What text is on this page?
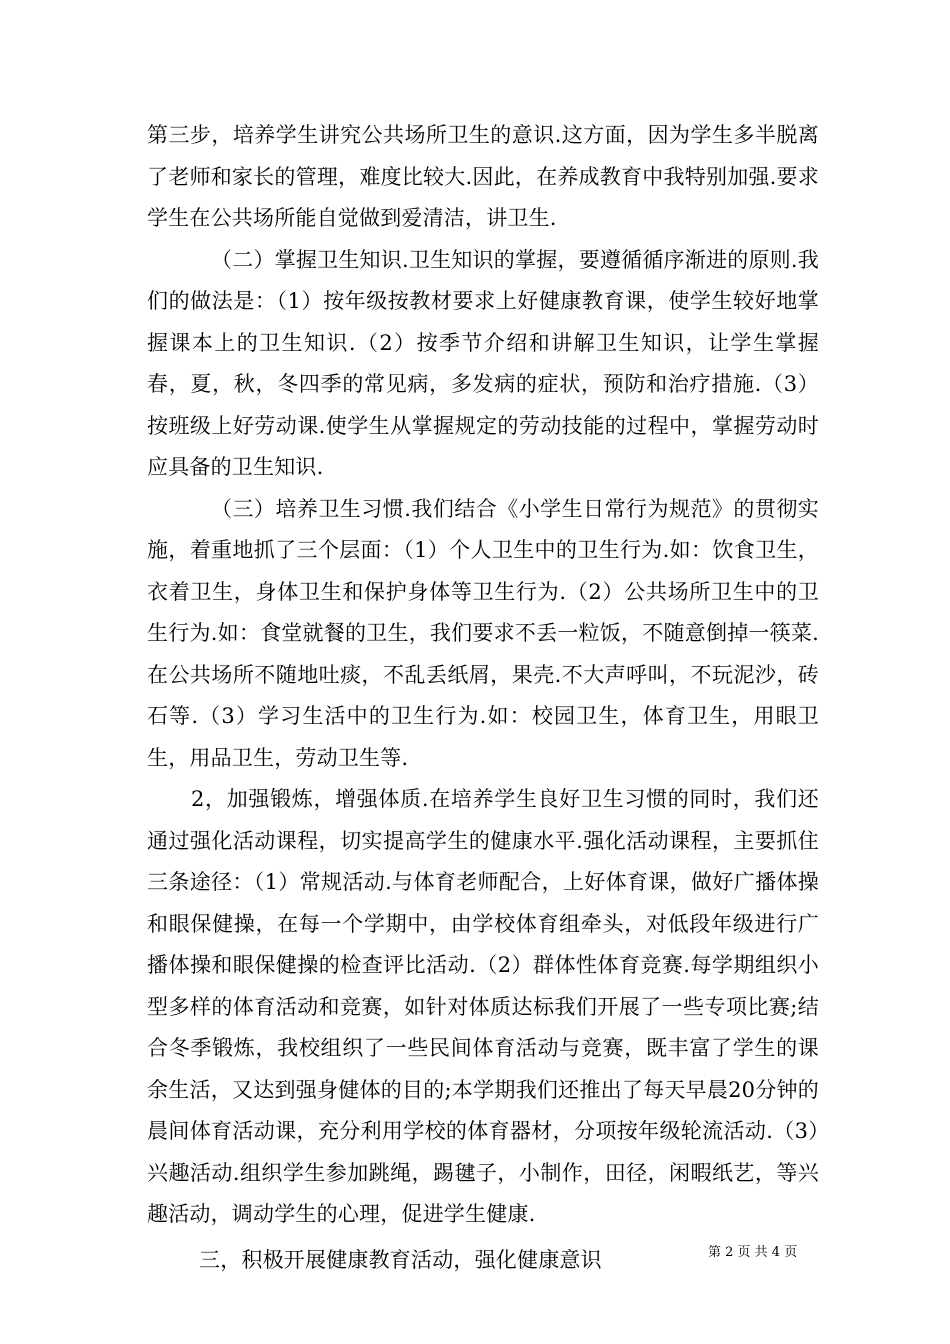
第三步，培养学生讲究公共场所卫生的意识.这方面，因为学生多半脱离了老师和家长的管理，难度比较大.因此，在养成教育中我特别加强.要求学生在公共场所能自觉做到爱清洁，讲卫生.

（二）掌握卫生知识.卫生知识的掌握，要遵循循序渐进的原则.我们的做法是：（1）按年级按教材要求上好健康教育课，使学生较好地掌握课本上的卫生知识.（2）按季节介绍和讲解卫生知识，让学生掌握春，夏，秋，冬四季的常见病，多发病的症状，预防和治疗措施.（3）按班级上好劳动课.使学生从掌握规定的劳动技能的过程中，掌握劳动时应具备的卫生知识.

（三）培养卫生习惯.我们结合《小学生日常行为规范》的贯彻实施，着重地抓了三个层面：（1）个人卫生中的卫生行为.如：饮食卫生，衣着卫生，身体卫生和保护身体等卫生行为.（2）公共场所卫生中的卫生行为.如：食堂就餐的卫生，我们要求不丢一粒饭，不随意倒掉一筷菜.在公共场所不随地吐痰，不乱丢纸屑，果壳.不大声呼叫，不玩泥沙，砖石等.（3）学习生活中的卫生行为.如：校园卫生，体育卫生，用眼卫生，用品卫生，劳动卫生等.

2，加强锻炼，增强体质.在培养学生良好卫生习惯的同时，我们还通过强化活动课程，切实提高学生的健康水平.强化活动课程，主要抓住三条途径：（1）常规活动.与体育老师配合，上好体育课，做好广播体操和眼保健操，在每一个学期中，由学校体育组牵头，对低段年级进行广播体操和眼保健操的检查评比活动.（2）群体性体育竞赛.每学期组织小型多样的体育活动和竞赛，如针对体质达标我们开展了一些专项比赛;结合冬季锻炼，我校组织了一些民间体育活动与竞赛，既丰富了学生的课余生活，又达到强身健体的目的;本学期我们还推出了每天早晨20分钟的晨间体育活动课，充分利用学校的体育器材，分项按年级轮流活动.（3）兴趣活动.组织学生参加跳绳，踢毽子，小制作，田径，闲暇纸艺，等兴趣活动，调动学生的心理，促进学生健康.

三，积极开展健康教育活动，强化健康意识	第 2 页 共 4 页
